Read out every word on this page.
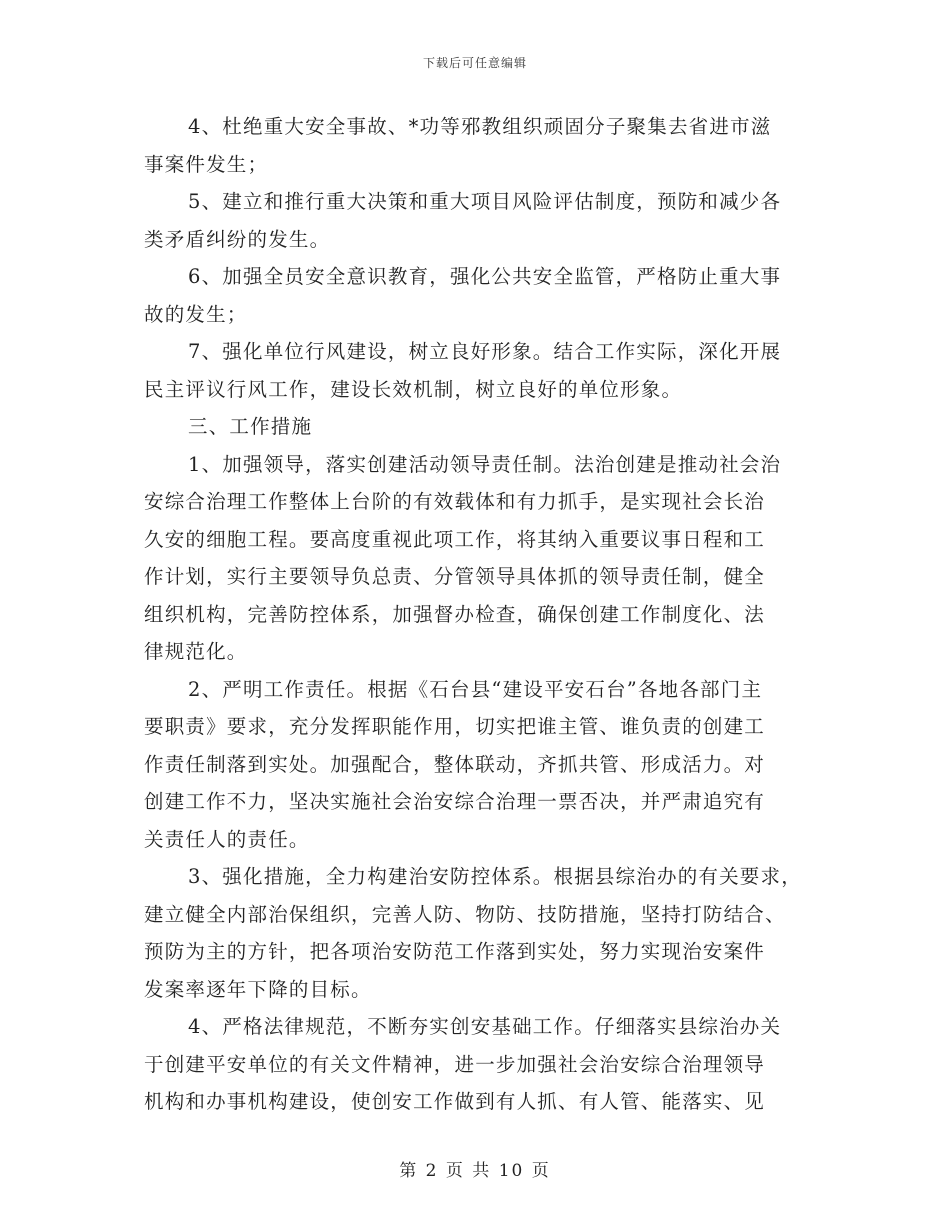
下载后可任意编辑
4、杜绝重大安全事故、*功等邪教组织顽固分子聚集去省进市滋
事案件发生；
5、建立和推行重大决策和重大项目风险评估制度，预防和减少各
类矛盾纠纷的发生。
6、加强全员安全意识教育，强化公共安全监管，严格防止重大事
故的发生；
7、强化单位行风建设，树立良好形象。结合工作实际，深化开展
民主评议行风工作，建设长效机制，树立良好的单位形象。
三、工作措施
1、加强领导，落实创建活动领导责任制。法治创建是推动社会治
安综合治理工作整体上台阶的有效载体和有力抓手，是实现社会长治
久安的细胞工程。要高度重视此项工作，将其纳入重要议事日程和工
作计划，实行主要领导负总责、分管领导具体抓的领导责任制，健全
组织机构，完善防控体系，加强督办检查，确保创建工作制度化、法
律规范化。
2、严明工作责任。根据《石台县“建设平安石台”各地各部门主
要职责》要求，充分发挥职能作用，切实把谁主管、谁负责的创建工
作责任制落到实处。加强配合，整体联动，齐抓共管、形成活力。对
创建工作不力，坚决实施社会治安综合治理一票否决，并严肃追究有
关责任人的责任。
3、强化措施，全力构建治安防控体系。根据县综治办的有关要求，
建立健全内部治保组织，完善人防、物防、技防措施，坚持打防结合、
预防为主的方针，把各项治安防范工作落到实处，努力实现治安案件
发案率逐年下降的目标。
4、严格法律规范，不断夯实创安基础工作。仔细落实县综治办关
于创建平安单位的有关文件精神，进一步加强社会治安综合治理领导
机构和办事机构建设，使创安工作做到有人抓、有人管、能落实、见
第 2 页 共 10 页
